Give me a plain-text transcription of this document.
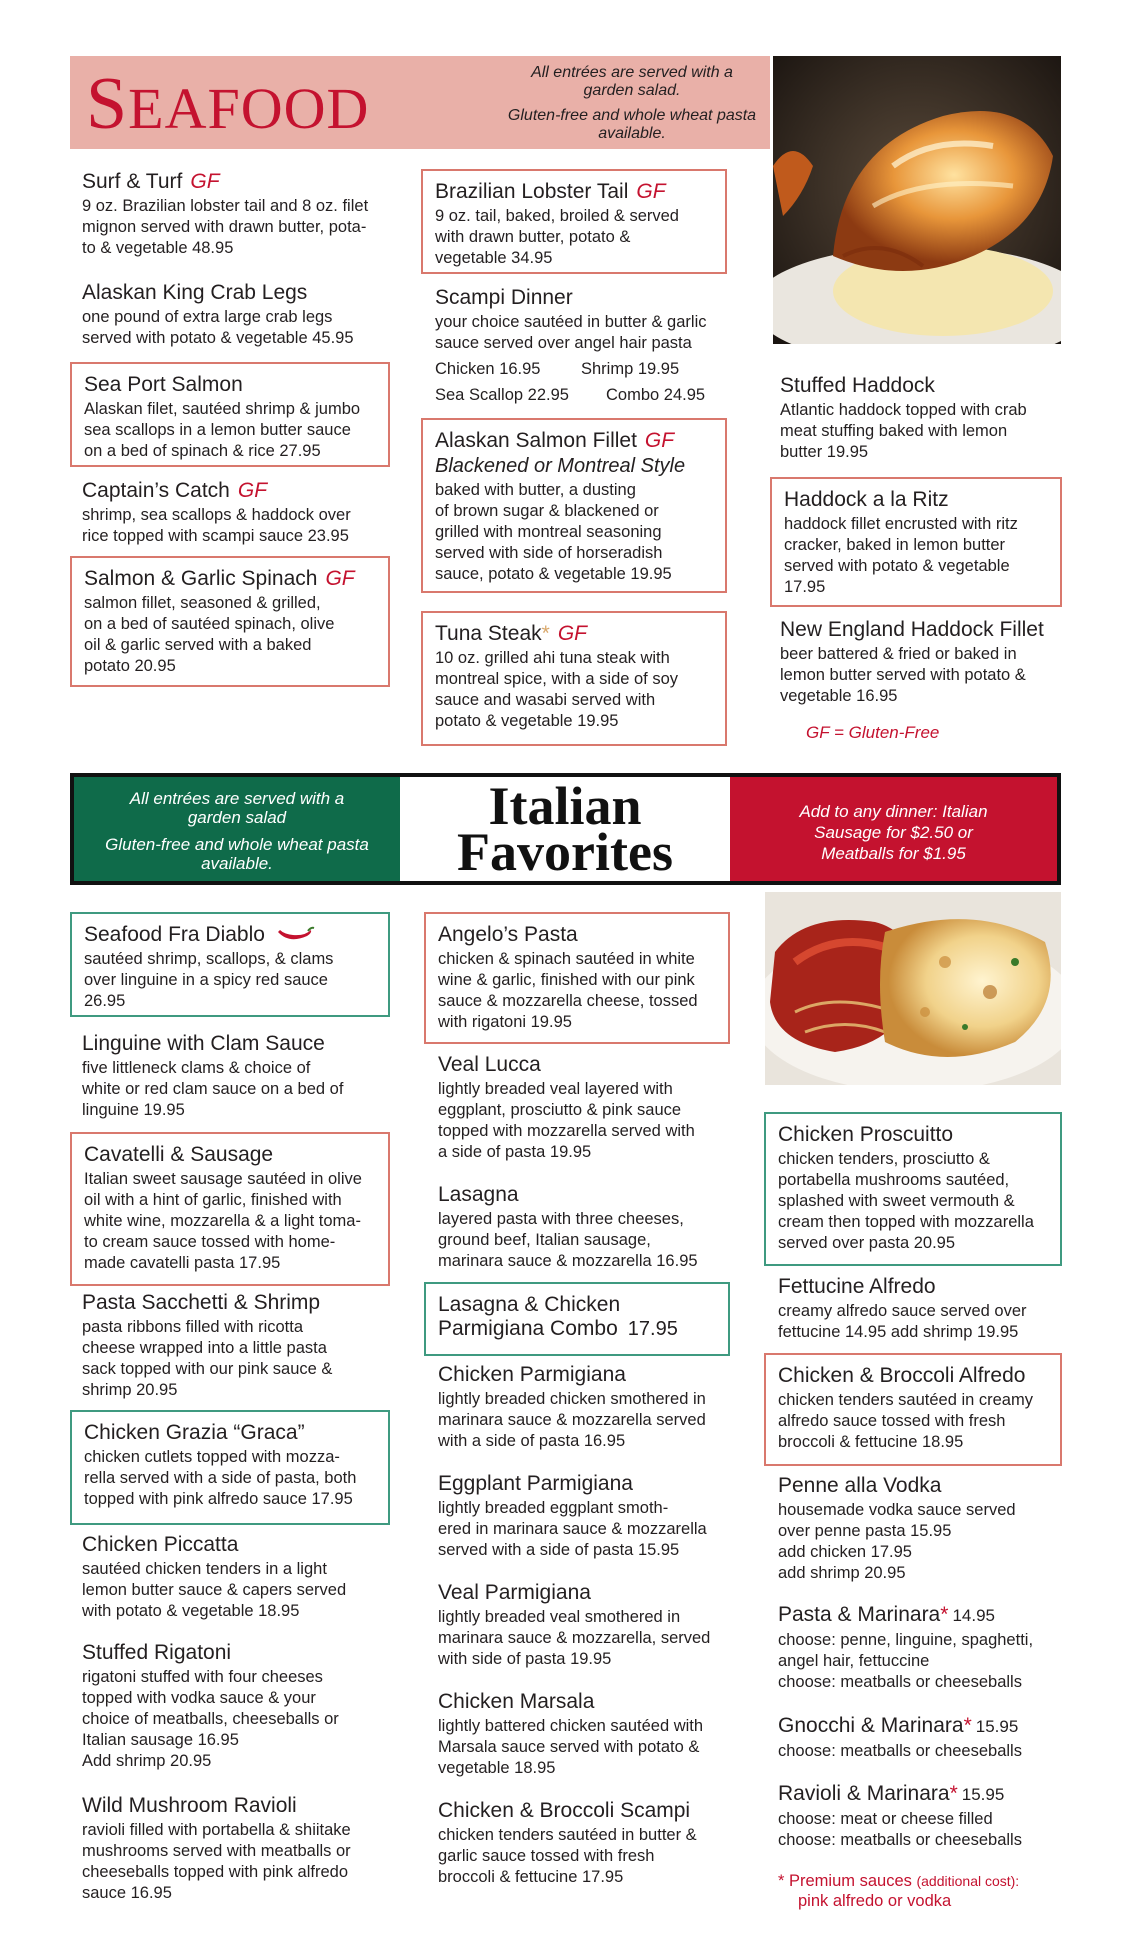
SEAFOOD

All entrées are served with a garden salad.

Gluten-free and whole wheat pasta available.

Surf & Turf GF
9 oz. Brazilian lobster tail and 8 oz. filet
mignon served with drawn butter, pota-
to & vegetable 48.95
Alaskan King Crab Legs
one pound of extra large crab legs
served with potato & vegetable 45.95
Sea Port Salmon
Alaskan filet, sautéed shrimp & jumbo
sea scallops in a lemon butter sauce
on a bed of spinach & rice 27.95
Captain’s Catch GF
shrimp, sea scallops & haddock over
rice topped with scampi sauce 23.95
Salmon & Garlic Spinach GF
salmon fillet, seasoned & grilled,
on a bed of sautéed spinach, olive
oil & garlic served with a baked
potato 20.95
Brazilian Lobster Tail GF
9 oz. tail, baked, broiled & served
with drawn butter, potato &
vegetable 34.95
Scampi Dinner
your choice sautéed in butter & garlic
sauce served over angel hair pasta
Chicken 16.95 Shrimp 19.95
Sea Scallop 22.95 Combo 24.95
Alaskan Salmon Fillet GF
Blackened or Montreal Style
baked with butter, a dusting
of brown sugar & blackened or
grilled with montreal seasoning
served with side of horseradish
sauce, potato & vegetable 19.95
Tuna Steak* GF
10 oz. grilled ahi tuna steak with
montreal spice, with a side of soy
sauce and wasabi served with
potato & vegetable 19.95
Stuffed Haddock
Atlantic haddock topped with crab
meat stuffing baked with lemon
butter 19.95
Haddock a la Ritz
haddock fillet encrusted with ritz
cracker, baked in lemon butter
served with potato & vegetable
17.95
New England Haddock Fillet
beer battered & fried or baked in
lemon butter served with potato &
vegetable 16.95
GF = Gluten-Free

All entrées are served with a garden salad

Gluten-free and whole wheat pasta available.

Italian
Favorites

Add to any dinner: Italian Sausage for $2.50 or Meatballs for $1.95

Seafood Fra Diablo
sautéed shrimp, scallops, & clams
over linguine in a spicy red sauce
26.95
Linguine with Clam Sauce
five littleneck clams & choice of
white or red clam sauce on a bed of
linguine 19.95
Cavatelli & Sausage
Italian sweet sausage sautéed in olive
oil with a hint of garlic, finished with
white wine, mozzarella & a light toma-
to cream sauce tossed with home-
made cavatelli pasta 17.95
Pasta Sacchetti & Shrimp
pasta ribbons filled with ricotta
cheese wrapped into a little pasta
sack topped with our pink sauce &
shrimp 20.95
Chicken Grazia “Graca”
chicken cutlets topped with mozza-
rella served with a side of pasta, both
topped with pink alfredo sauce 17.95
Chicken Piccatta
sautéed chicken tenders in a light
lemon butter sauce & capers served
with potato & vegetable 18.95
Stuffed Rigatoni
rigatoni stuffed with four cheeses
topped with vodka sauce & your
choice of meatballs, cheeseballs or
Italian sausage 16.95
Add shrimp 20.95
Wild Mushroom Ravioli
ravioli filled with portabella & shiitake
mushrooms served with meatballs or
cheeseballs topped with pink alfredo
sauce 16.95
Angelo’s Pasta
chicken & spinach sautéed in white
wine & garlic, finished with our pink
sauce & mozzarella cheese, tossed
with rigatoni 19.95
Veal Lucca
lightly breaded veal layered with
eggplant, prosciutto & pink sauce
topped with mozzarella served with
a side of pasta 19.95
Lasagna
layered pasta with three cheeses,
ground beef, Italian sausage,
marinara sauce & mozzarella 16.95
Lasagna & Chicken
Parmigiana Combo 17.95
Chicken Parmigiana
lightly breaded chicken smothered in
marinara sauce & mozzarella served
with a side of pasta 16.95
Eggplant Parmigiana
lightly breaded eggplant smoth-
ered in marinara sauce & mozzarella
served with a side of pasta 15.95
Veal Parmigiana
lightly breaded veal smothered in
marinara sauce & mozzarella, served
with side of pasta 19.95
Chicken Marsala
lightly battered chicken sautéed with
Marsala sauce served with potato &
vegetable 18.95
Chicken & Broccoli Scampi
chicken tenders sautéed in butter &
garlic sauce tossed with fresh
broccoli & fettucine 17.95
Chicken Proscuitto
chicken tenders, prosciutto &
portabella mushrooms sautéed,
splashed with sweet vermouth &
cream then topped with mozzarella
served over pasta 20.95
Fettucine Alfredo
creamy alfredo sauce served over
fettucine 14.95 add shrimp 19.95
Chicken & Broccoli Alfredo
chicken tenders sautéed in creamy
alfredo sauce tossed with fresh
broccoli & fettucine 18.95
Penne alla Vodka
housemade vodka sauce served
over penne pasta 15.95
add chicken 17.95
add shrimp 20.95
Pasta & Marinara* 14.95
choose: penne, linguine, spaghetti,
angel hair, fettuccine
choose: meatballs or cheeseballs
Gnocchi & Marinara* 15.95
choose: meatballs or cheeseballs
Ravioli & Marinara* 15.95
choose: meat or cheese filled
choose: meatballs or cheeseballs
* Premium sauces (additional cost):
pink alfredo or vodka
